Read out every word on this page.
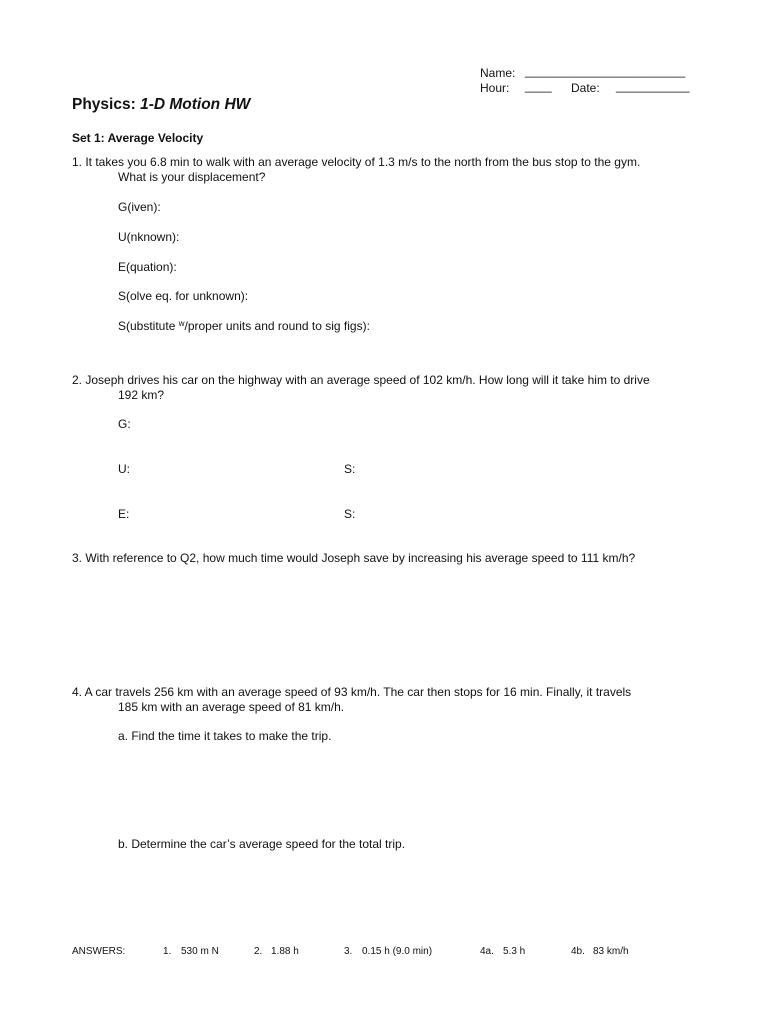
Name: ________________________
Hour: ____ Date: ___________
Physics: 1-D Motion HW
Set 1: Average Velocity
1. It takes you 6.8 min to walk with an average velocity of 1.3 m/s to the north from the bus stop to the gym.
What is your displacement?
G(iven):
U(nknown):
E(quation):
S(olve eq. for unknown):
S(ubstitute $^w$/proper units and round to sig figs):
2. Joseph drives his car on the highway with an average speed of 102 km/h. How long will it take him to drive
192 km?
G:
U:	S:
E:	S:
3. With reference to Q2, how much time would Joseph save by increasing his average speed to 111 km/h?
4. A car travels 256 km with an average speed of 93 km/h. The car then stops for 16 min. Finally, it travels
185 km with an average speed of 81 km/h.
a. Find the time it takes to make the trip.
b. Determine the car’s average speed for the total trip.
ANSWERS:	1. 530 m N	2. 1.88 h	3. 0.15 h (9.0 min)	4a. 5.3 h	4b. 83 km/h
